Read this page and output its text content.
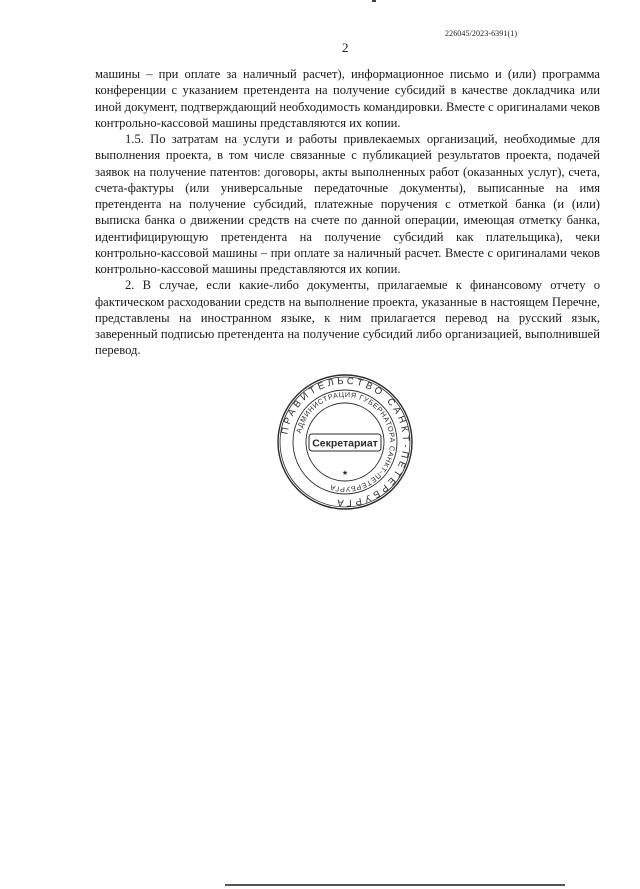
226045/2023-6391(1)
2

машины – при оплате за наличный расчет), информационное письмо и (или) программа конференции с указанием претендента на получение субсидий в качестве докладчика или иной документ, подтверждающий необходимость командировки. Вместе с оригиналами чеков контрольно-кассовой машины представляются их копии.

1.5. По затратам на услуги и работы привлекаемых организаций, необходимые для выполнения проекта, в том числе связанные с публикацией результатов проекта, подачей заявок на получение патентов: договоры, акты выполненных работ (оказанных услуг), счета, счета-фактуры (или универсальные передаточные документы), выписанные на имя претендента на получение субсидий, платежные поручения с отметкой банка (и (или) выписка банка о движении средств на счете по данной операции, имеющая отметку банка, идентифицирующую претендента на получение субсидий как плательщика), чеки контрольно-кассовой машины – при оплате за наличный расчет. Вместе с оригиналами чеков контрольно-кассовой машины представляются их копии.

2. В случае, если какие-либо документы, прилагаемые к финансовому отчету о фактическом расходовании средств на выполнение проекта, указанные в настоящем Перечне, представлены на иностранном языке, к ним прилагается перевод на русский язык, заверенный подписью претендента на получение субсидий либо организацией, выполнившей перевод.

ПРАВИТЕЛЬСТВО САНКТ-ПЕТЕРБУРГА
АДМИНИСТРАЦИЯ ГУБЕРНАТОРА САНКТ-ПЕТЕРБУРГА
Секретариат
★
